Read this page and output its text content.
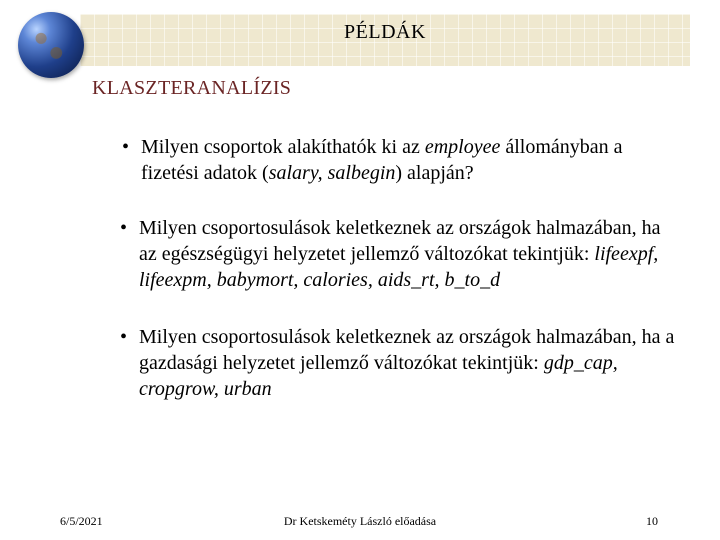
PÉLDÁK
KLASZTERANALÍZIS
• Milyen csoportok alakíthatók ki az employee állományban a fizetési adatok (salary, salbegin) alapján?
• Milyen csoportosulások keletkeznek az országok halmazában, ha az egészségügyi helyzetet jellemző változókat tekintjük: lifeexpf, lifeexpm, babymort, calories, aids_rt, b_to_d
• Milyen csoportosulások keletkeznek az országok halmazában, ha a gazdasági helyzetet jellemző változókat tekintjük: gdp_cap, cropgrow, urban
6/5/2021	Dr Ketskeméty László előadása	10
